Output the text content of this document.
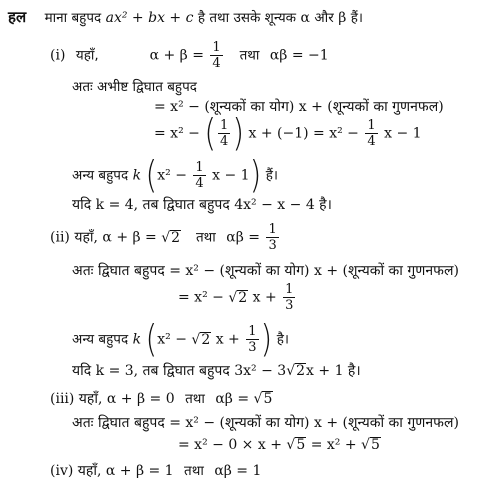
हल माना बहुपद ax² + bx + c है तथा उसके शून्यक α और β हैं।
(i) यहाँ,	$\alpha + \beta = \frac{1}{4}$ तथा αβ = −1
अतः अभीष्ट द्विघात बहुपद
= x² − (शून्यकों का योग) x + (शून्यकों का गुणनफल)
= x² − ( $\frac{1}{4}$ ) $x + (-1) = x^2 - \frac{1}{4}$ x − 1
अन्य बहुपद k ($x^2 - \frac{1}{4}$ x − 1) हैं।
यदि k = 4, तब द्विघात बहुपद 4x² − x − 4 है।
(ii) यहाँ, α + β = √ 2 तथा $\alpha\beta = \frac{1}{3}$
अतः द्विघात बहुपद = x² − (शून्यकों का योग) x + (शून्यकों का गुणनफल)
= x² − √ 2 $x + \frac{1}{3}$
अन्य बहुपद k (x² − √ 2 $x + \frac{1}{3}$ ) है।
यदि k = 3, तब द्विघात बहुपद 3x² − 3 √ 2 x + 1 है।
(iii) यहाँ, α + β = 0 तथा αβ = √ 5
अतः द्विघात बहुपद = x² − (शून्यकों का योग) x + (शून्यकों का गुणनफल)
= x² − 0 × x + √ 5 = x² + √ 5
(iv) यहाँ, α + β = 1 तथा αβ = 1
